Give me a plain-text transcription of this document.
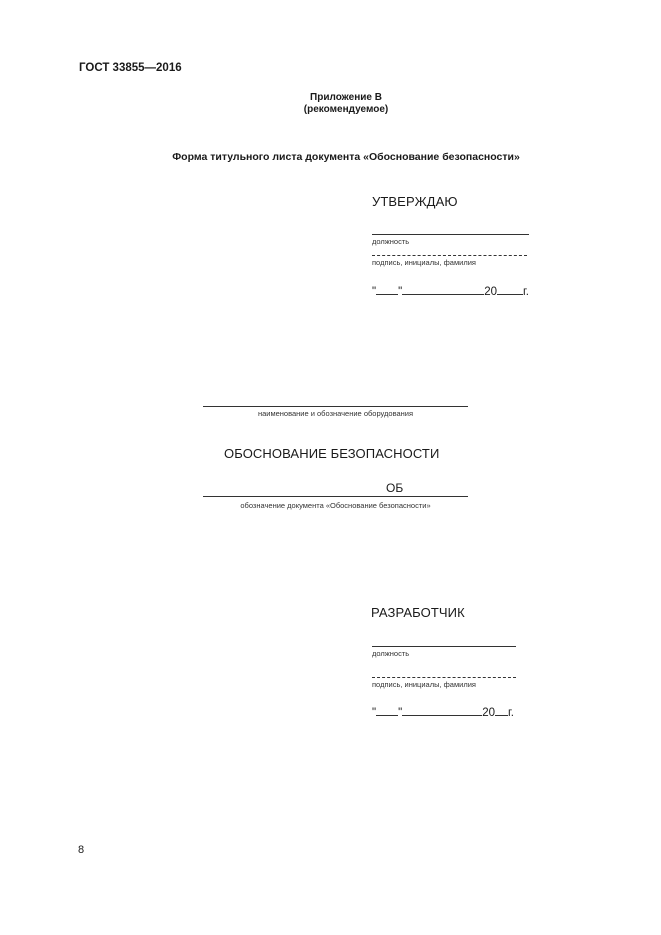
ГОСТ 33855—2016
Приложение В
(рекомендуемое)
Форма титульного листа документа «Обоснование безопасности»
УТВЕРЖДАЮ
должность
подпись, инициалы, фамилия
" "	20 г.
наименование и обозначение оборудования
ОБОСНОВАНИЕ БЕЗОПАСНОСТИ
ОБ
обозначение документа «Обоснование безопасности»
РАЗРАБОТЧИК
должность
подпись, инициалы, фамилия
" "	20 г.
8
